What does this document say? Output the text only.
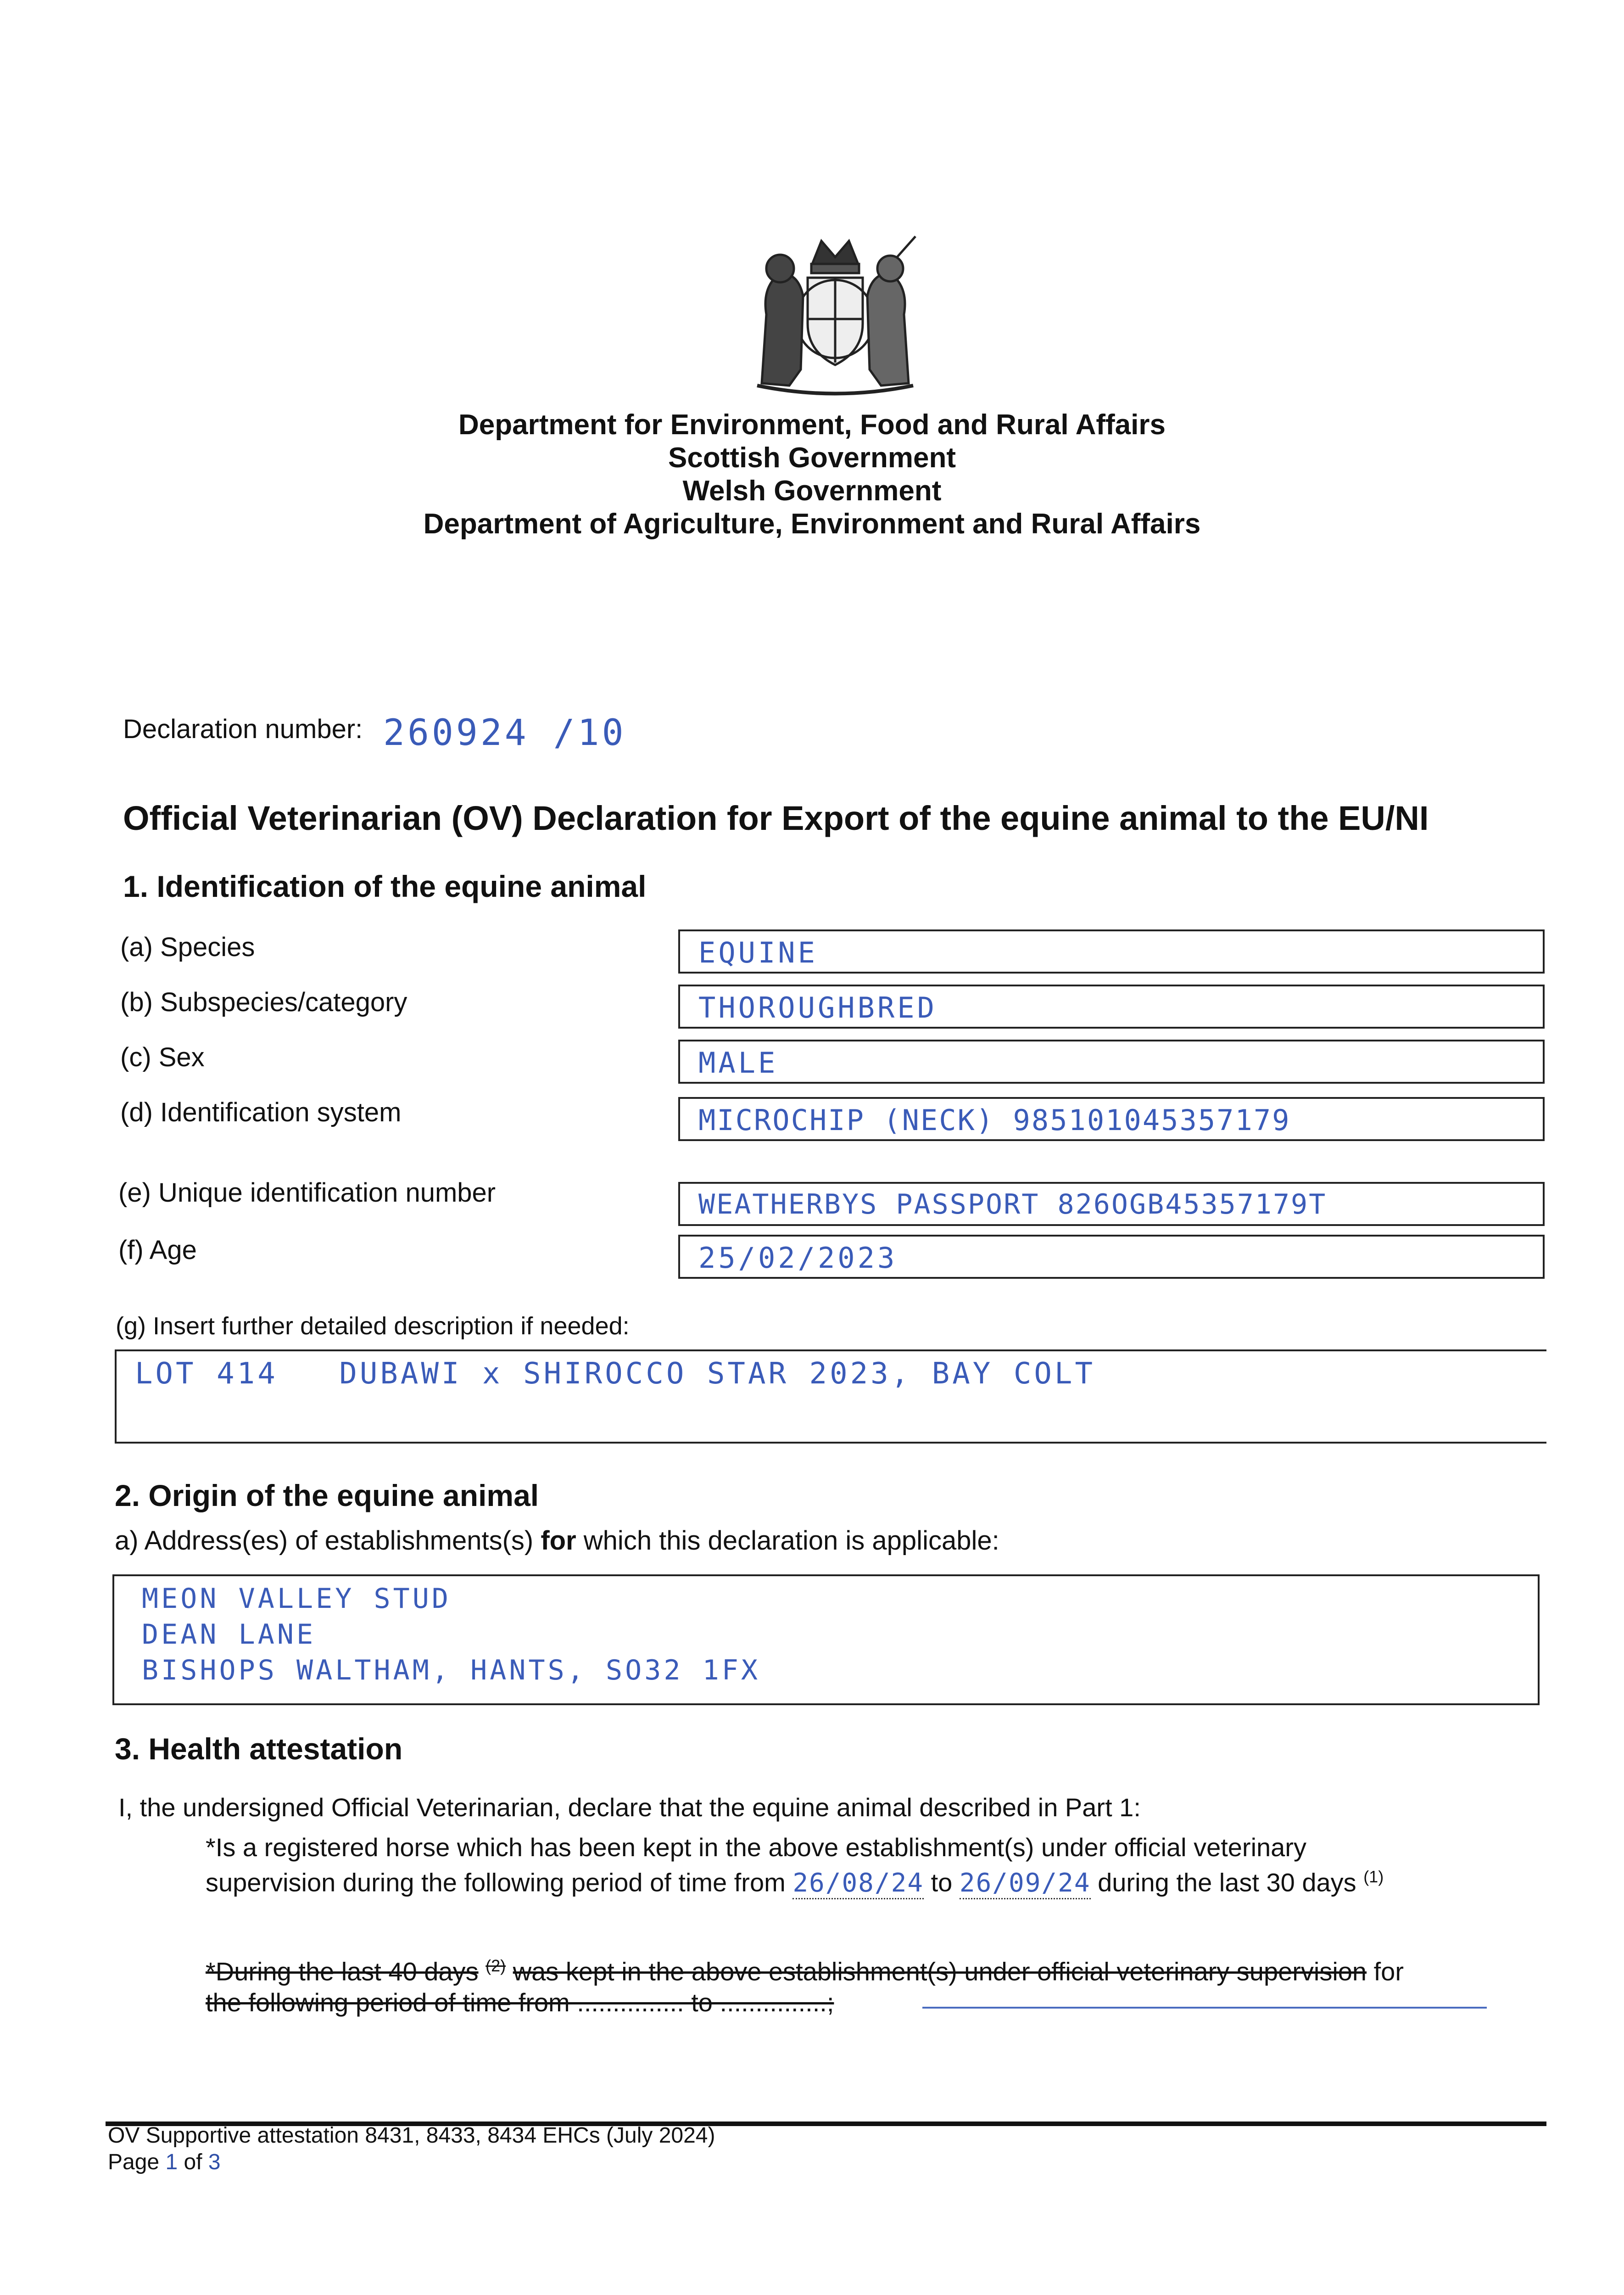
Department for Environment, Food and Rural Affairs
Scottish Government
Welsh Government
Department of Agriculture, Environment and Rural Affairs
Declaration number: 260924 /10
Official Veterinarian (OV) Declaration for Export of the equine animal to the EU/NI
1. Identification of the equine animal
(a) Species	EQUINE
(b) Subspecies/category	THOROUGHBRED
(c) Sex	MALE
(d) Identification system	MICROCHIP (NECK) 985101045357179
(e) Unique identification number	WEATHERBYS PASSPORT 826OGB45357179T
(f) Age	25/02/2023
(g) Insert further detailed description if needed:
LOT 414   DUBAWI x SHIROCCO STAR 2023, BAY COLT
2. Origin of the equine animal
a) Address(es) of establishments(s) for which this declaration is applicable:
MEON VALLEY STUD
DEAN LANE
BISHOPS WALTHAM, HANTS, SO32 1FX
3. Health attestation
I, the undersigned Official Veterinarian, declare that the equine animal described in Part 1:
*Is a registered horse which has been kept in the above establishment(s) under official veterinary
supervision during the following period of time from 26/08/24 to 26/09/24 during the last 30 days $^{(1)}$
*During the last 40 days $^{(2)}$ was kept in the above establishment(s) under official veterinary supervision for
the following period of time from ............... to ...............;
OV Supportive attestation 8431, 8433, 8434 EHCs (July 2024)
Page 1 of 3
